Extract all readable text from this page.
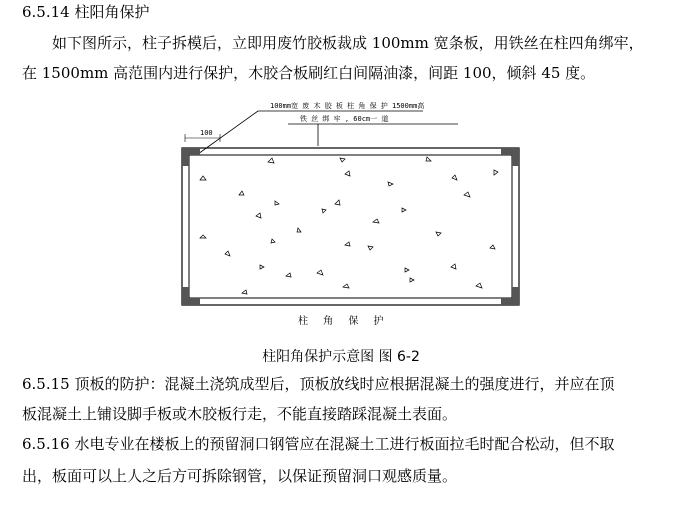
6.5.14 柱阳角保护
如下图所示，柱子拆模后，立即用废竹胶板裁成 100mm 宽条板，用铁丝在柱四角绑牢，
在 1500mm 高范围内进行保护，木胶合板刷红白间隔油漆，间距 100，倾斜 45 度。
100mm宽 废 木 胶 板 柱 角 保 护 1500mm高
铁 丝 绑 牢 , 60cm一 道
100
柱 角 保 护
柱阳角保护示意图 图 6-2
6.5.15 顶板的防护：混凝土浇筑成型后，顶板放线时应根据混凝土的强度进行，并应在顶
板混凝土上铺设脚手板或木胶板行走，不能直接踏踩混凝土表面。
6.5.16 水电专业在楼板上的预留洞口钢管应在混凝土工进行板面拉毛时配合松动，但不取
出，板面可以上人之后方可拆除钢管，以保证预留洞口观感质量。
